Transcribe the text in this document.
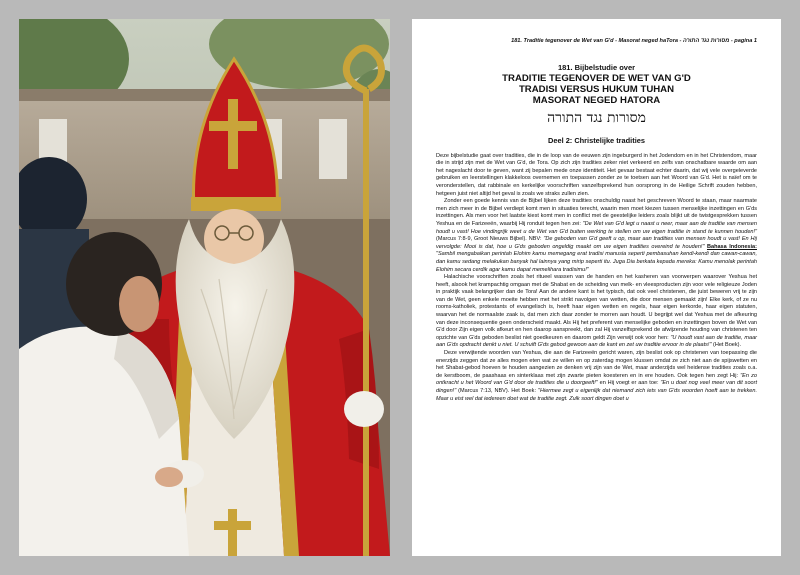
181. Traditie tegenover de Wet van G'd - Masorat neged haTora - מסורות נגד התורה - pagina 1
181. Bijbelstudie over
TRADITIE TEGENOVER DE WET VAN G'D
TRADISI VERSUS HUKUM TUHAN
MASORAT NEGED HATORA
מסורות נגד התורה
Deel 2: Christelijke tradities

Deze bijbelstudie gaat over tradities, die in de loop van de eeuwen zijn ingeburgerd in het Jodendom en in het Christendom, maar die in strijd zijn met de Wet van G'd, de Tora. Op zich zijn tradities zeker niet verkeerd en zelfs van onschatbare waarde om aan het nageslacht door te geven, want zij bepalen mede onze identiteit. Het gevaar bestaat echter daarin, dat wij vele overgeleverde gebruiken en leerstellingen klakkeloos overnemen en toepassen zonder ze te toetsen aan het Woord van G'd. Het is naïef om te veronderstellen, dat rabbinale en kerkelijke voorschriften vanzelfsprekend hun oorsprong in de Heilige Schrift zouden hebben, hetgeen juist niet altijd het geval is zoals we straks zullen zien.

Zonder een goede kennis van de Bijbel lijken deze tradities onschuldig naast het geschreven Woord te staan, maar naarmate men zich meer in de Bijbel verdiept komt men in situaties terecht, waarin men moet kiezen tussen menselijke inzettingen en G'ds inzettingen. Als men voor het laatste kiest komt men in conflict met de geestelijke leiders zoals blijkt uit de twistgesprekken tussen Yeshua en de Farizeeën, waarbij Hij ronduit tegen hen zei: "De Wet van G'd legt u naast u neer, maar aan de traditie van mensen houdt u vast! Hoe vindingrijk weet u de Wet van G'd buiten werking te stellen om uw eigen traditie in stand te kunnen houden!" (Marcus 7:8-9, Groot Nieuws Bijbel). NBV: "De geboden van G'd geeft u op, maar aan tradities van mensen houdt u vast! En Hij vervolgde: Mooi is dat, hoe u G'ds geboden ongeldig maakt om uw eigen tradities overeind te houden!" Bahasa Indonesia: "Sambil mengabaikan perintah Elohim kamu memegang erat tradisi manusia seperti pembasuhan kendi-kendi dan cawan-cawan, dan kamu sedang melakukan banyak hal lainnya yang mirip seperti itu. Juga Dia berkata kepada mereka: Kamu menolak perintah Elohim secara cerdik agar kamu dapat memelihara tradisimu!"

Halachische voorschriften zoals het ritueel wassen van de handen en het kasheren van voorwerpen waarover Yeshua het heeft, alsook het krampachtig omgaan met de Shabat en de scheiding van melk- en vleesproducten zijn voor vele religieuze Joden in praktijk vaak belangrijker dan de Tora! Aan de andere kant is het typisch, dat ook veel christenen, die juist beweren vrij te zijn van de Wet, geen enkele moeite hebben met het strikt navolgen van wetten, die door mensen gemaakt zijn! Elke kerk, of ze nu rooms-katholiek, protestants of evangelisch is, heeft haar eigen wetten en regels, haar eigen kerkorde, haar eigen statuten, waarvan het de normaalste zaak is, dat men zich daar zonder te morren aan houdt. U begrijpt wel dat Yeshua met de afkeuring van deze inconsequentie geen onderscheid maakt. Als Hij het preferent van menselijke geboden en inzettingen boven de Wet van G'd door Zijn eigen volk afkeurt en hen daarop aanspreekt, dan zal Hij vanzelfsprekend de afwijzende houding van christenen ten opzichte van G'ds geboden beslist niet goedkeuren en daarom geldt Zijn verwijt ook voor hen: "U houdt vast aan de traditie, maar aan G'ds opdracht denkt u niet. U schuift G'ds gebod gewoon aan de kant en zet uw traditie ervoor in de plaats!" (Het Boek).

Deze verwijtende woorden van Yeshua, die aan de Farizeeën gericht waren, zijn beslist ook op christenen van toepassing die enerzijds zeggen dat ze alles mogen eten wat ze willen en op zaterdag mogen klussen omdat ze zich niet aan de spijswetten en het Shabat-gebod hoeven te houden aangezien ze denken vrij zijn van de Wet, maar anderzijds wel heidense tradities zoals o.a. de kerstboom, de paashaas en sinterklaas met zijn zwarte pieten koesteren en in ere houden. Ook tegen hen zegt Hij: "En zo ontkracht u het Woord van G'd door de tradities die u doorgeeft!" en Hij voegt er aan toe: "En u doet nog veel meer van dit soort dingen!" (Marcus 7:13, NBV). Het Boek: "Hiermee zegt u eigenlijk dat niemand zich iets van G'ds woorden hoeft aan te trekken. Maar u eist wel dat iedereen doet wat de traditie zegt. Zulk soort dingen doet u
